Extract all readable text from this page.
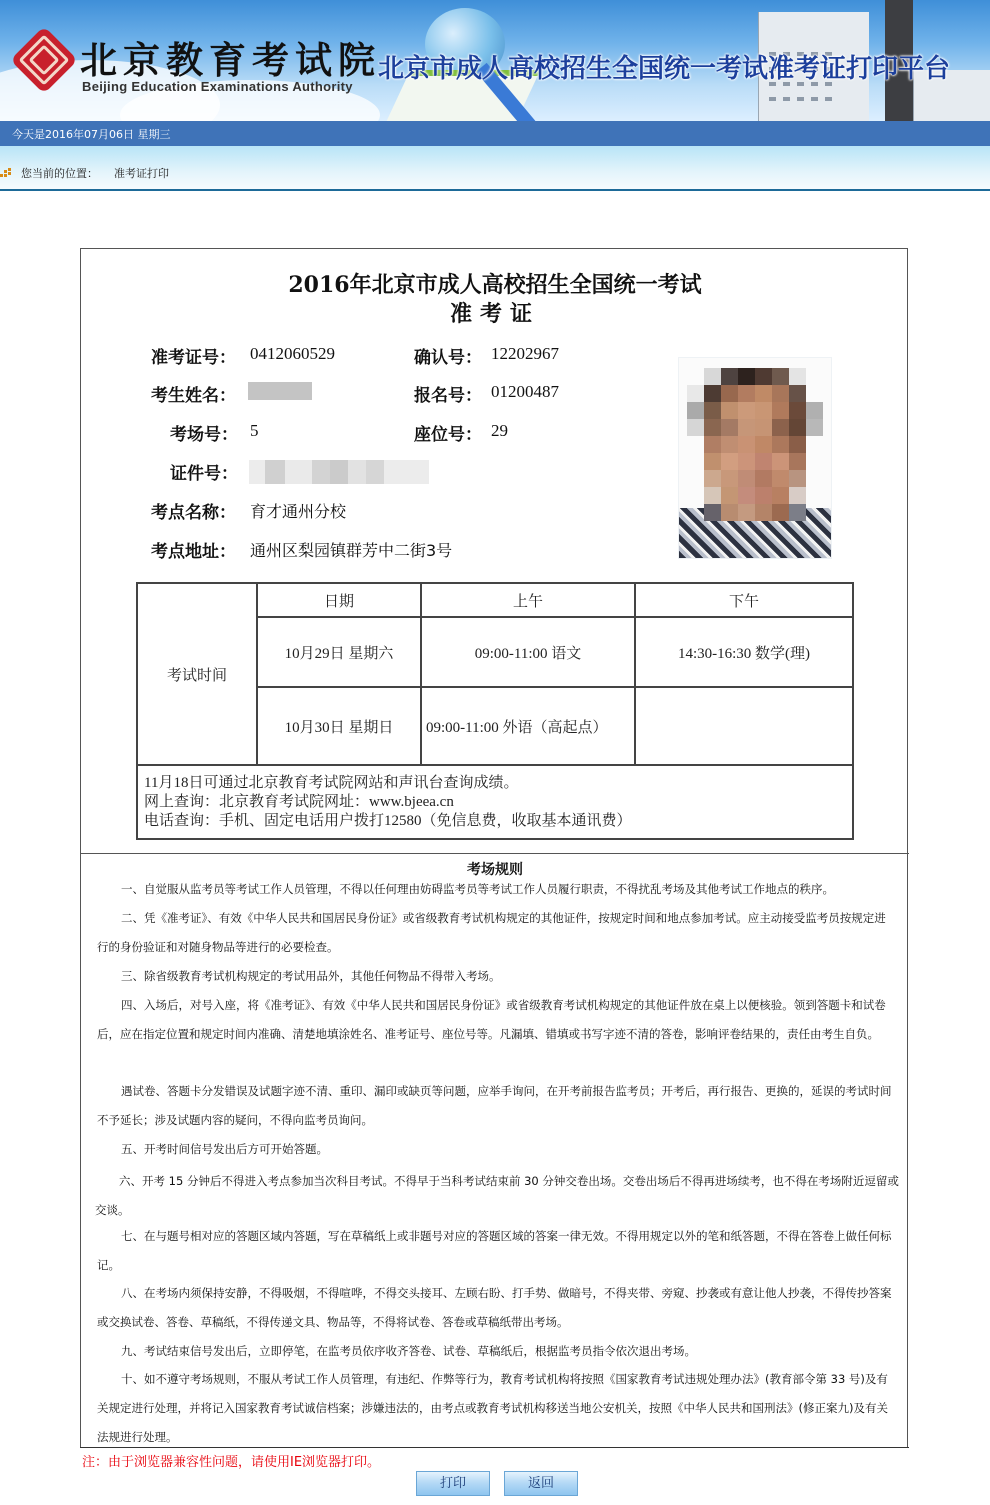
北京教育考试院
Beijing Education Examinations Authority
北京市成人高校招生全国统一考试准考证打印平台
今天是2016年07月06日 星期三
您当前的位置： 准考证打印
2016年北京市成人高校招生全国统一考试
准考证
准考证号： 0412060529	确认号： 12202967
考生姓名：	报名号： 01200487
考场号： 5	座位号： 29
证件号：
考点名称： 育才通州分校
考点地址： 通州区梨园镇群芳中二街3号
考试时间	日期	上午	下午
	10月29日 星期六	09:00-11:00 语文	14:30-16:30 数学(理)
	10月30日 星期日	09:00-11:00 外语（高起点）	

11月18日可通过北京教育考试院网站和声讯台查询成绩。
网上查询：北京教育考试院网址：www.bjeea.cn
电话查询：手机、固定电话用户拨打12580（免信息费，收取基本通讯费）			
考场规则

一、自觉服从监考员等考试工作人员管理，不得以任何理由妨碍监考员等考试工作人员履行职责，不得扰乱考场及其他考试工作地点的秩序。

二、凭《准考证》、有效《中华人民共和国居民身份证》或省级教育考试机构规定的其他证件，按规定时间和地点参加考试。应主动接受监考员按规定进行的身份验证和对随身物品等进行的必要检查。

三、除省级教育考试机构规定的考试用品外，其他任何物品不得带入考场。

四、入场后，对号入座，将《准考证》、有效《中华人民共和国居民身份证》或省级教育考试机构规定的其他证件放在桌上以便核验。领到答题卡和试卷后，应在指定位置和规定时间内准确、清楚地填涂姓名、准考证号、座位号等。凡漏填、错填或书写字迹不清的答卷，影响评卷结果的，责任由考生自负。

遇试卷、答题卡分发错误及试题字迹不清、重印、漏印或缺页等问题，应举手询问，在开考前报告监考员；开考后，再行报告、更换的，延误的考试时间不予延长；涉及试题内容的疑问，不得向监考员询问。

五、开考时间信号发出后方可开始答题。

六、开考 15 分钟后不得进入考点参加当次科目考试。不得早于当科考试结束前 30 分钟交卷出场。交卷出场后不得再进场续考，也不得在考场附近逗留或交谈。

七、在与题号相对应的答题区域内答题，写在草稿纸上或非题号对应的答题区域的答案一律无效。不得用规定以外的笔和纸答题，不得在答卷上做任何标记。

八、在考场内须保持安静，不得吸烟，不得喧哗，不得交头接耳、左顾右盼、打手势、做暗号，不得夹带、旁窥、抄袭或有意让他人抄袭，不得传抄答案或交换试卷、答卷、草稿纸，不得传递文具、物品等，不得将试卷、答卷或草稿纸带出考场。

九、考试结束信号发出后，立即停笔，在监考员依序收齐答卷、试卷、草稿纸后，根据监考员指令依次退出考场。

十、如不遵守考场规则，不服从考试工作人员管理，有违纪、作弊等行为，教育考试机构将按照《国家教育考试违规处理办法》(教育部令第 33 号)及有关规定进行处理，并将记入国家教育考试诚信档案；涉嫌违法的，由考点或教育考试机构移送当地公安机关，按照《中华人民共和国刑法》(修正案九)及有关法规进行处理。

注：由于浏览器兼容性问题，请使用IE浏览器打印。
打印	返回
